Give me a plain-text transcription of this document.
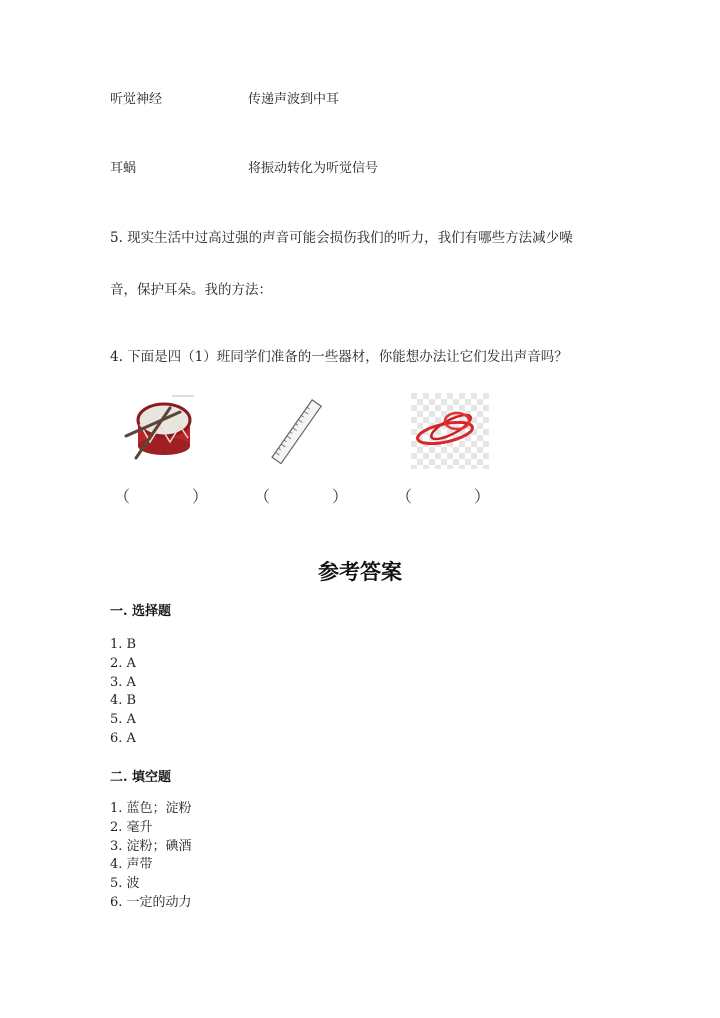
听觉神经	传递声波到中耳
耳蜗	将振动转化为听觉信号
5. 现实生活中过高过强的声音可能会损伤我们的听力，我们有哪些方法减少噪
音，保护耳朵。我的方法：
4. 下面是四（1）班同学们准备的一些器材，你能想办法让它们发出声音吗？
（	）	（	）	（	）
参考答案
一. 选择题
1. B
2. A
3. A
4. B
5. A
6. A
二. 填空题
1. 蓝色；淀粉
2. 毫升
3. 淀粉；碘酒
4. 声带
5. 波
6. 一定的动力
